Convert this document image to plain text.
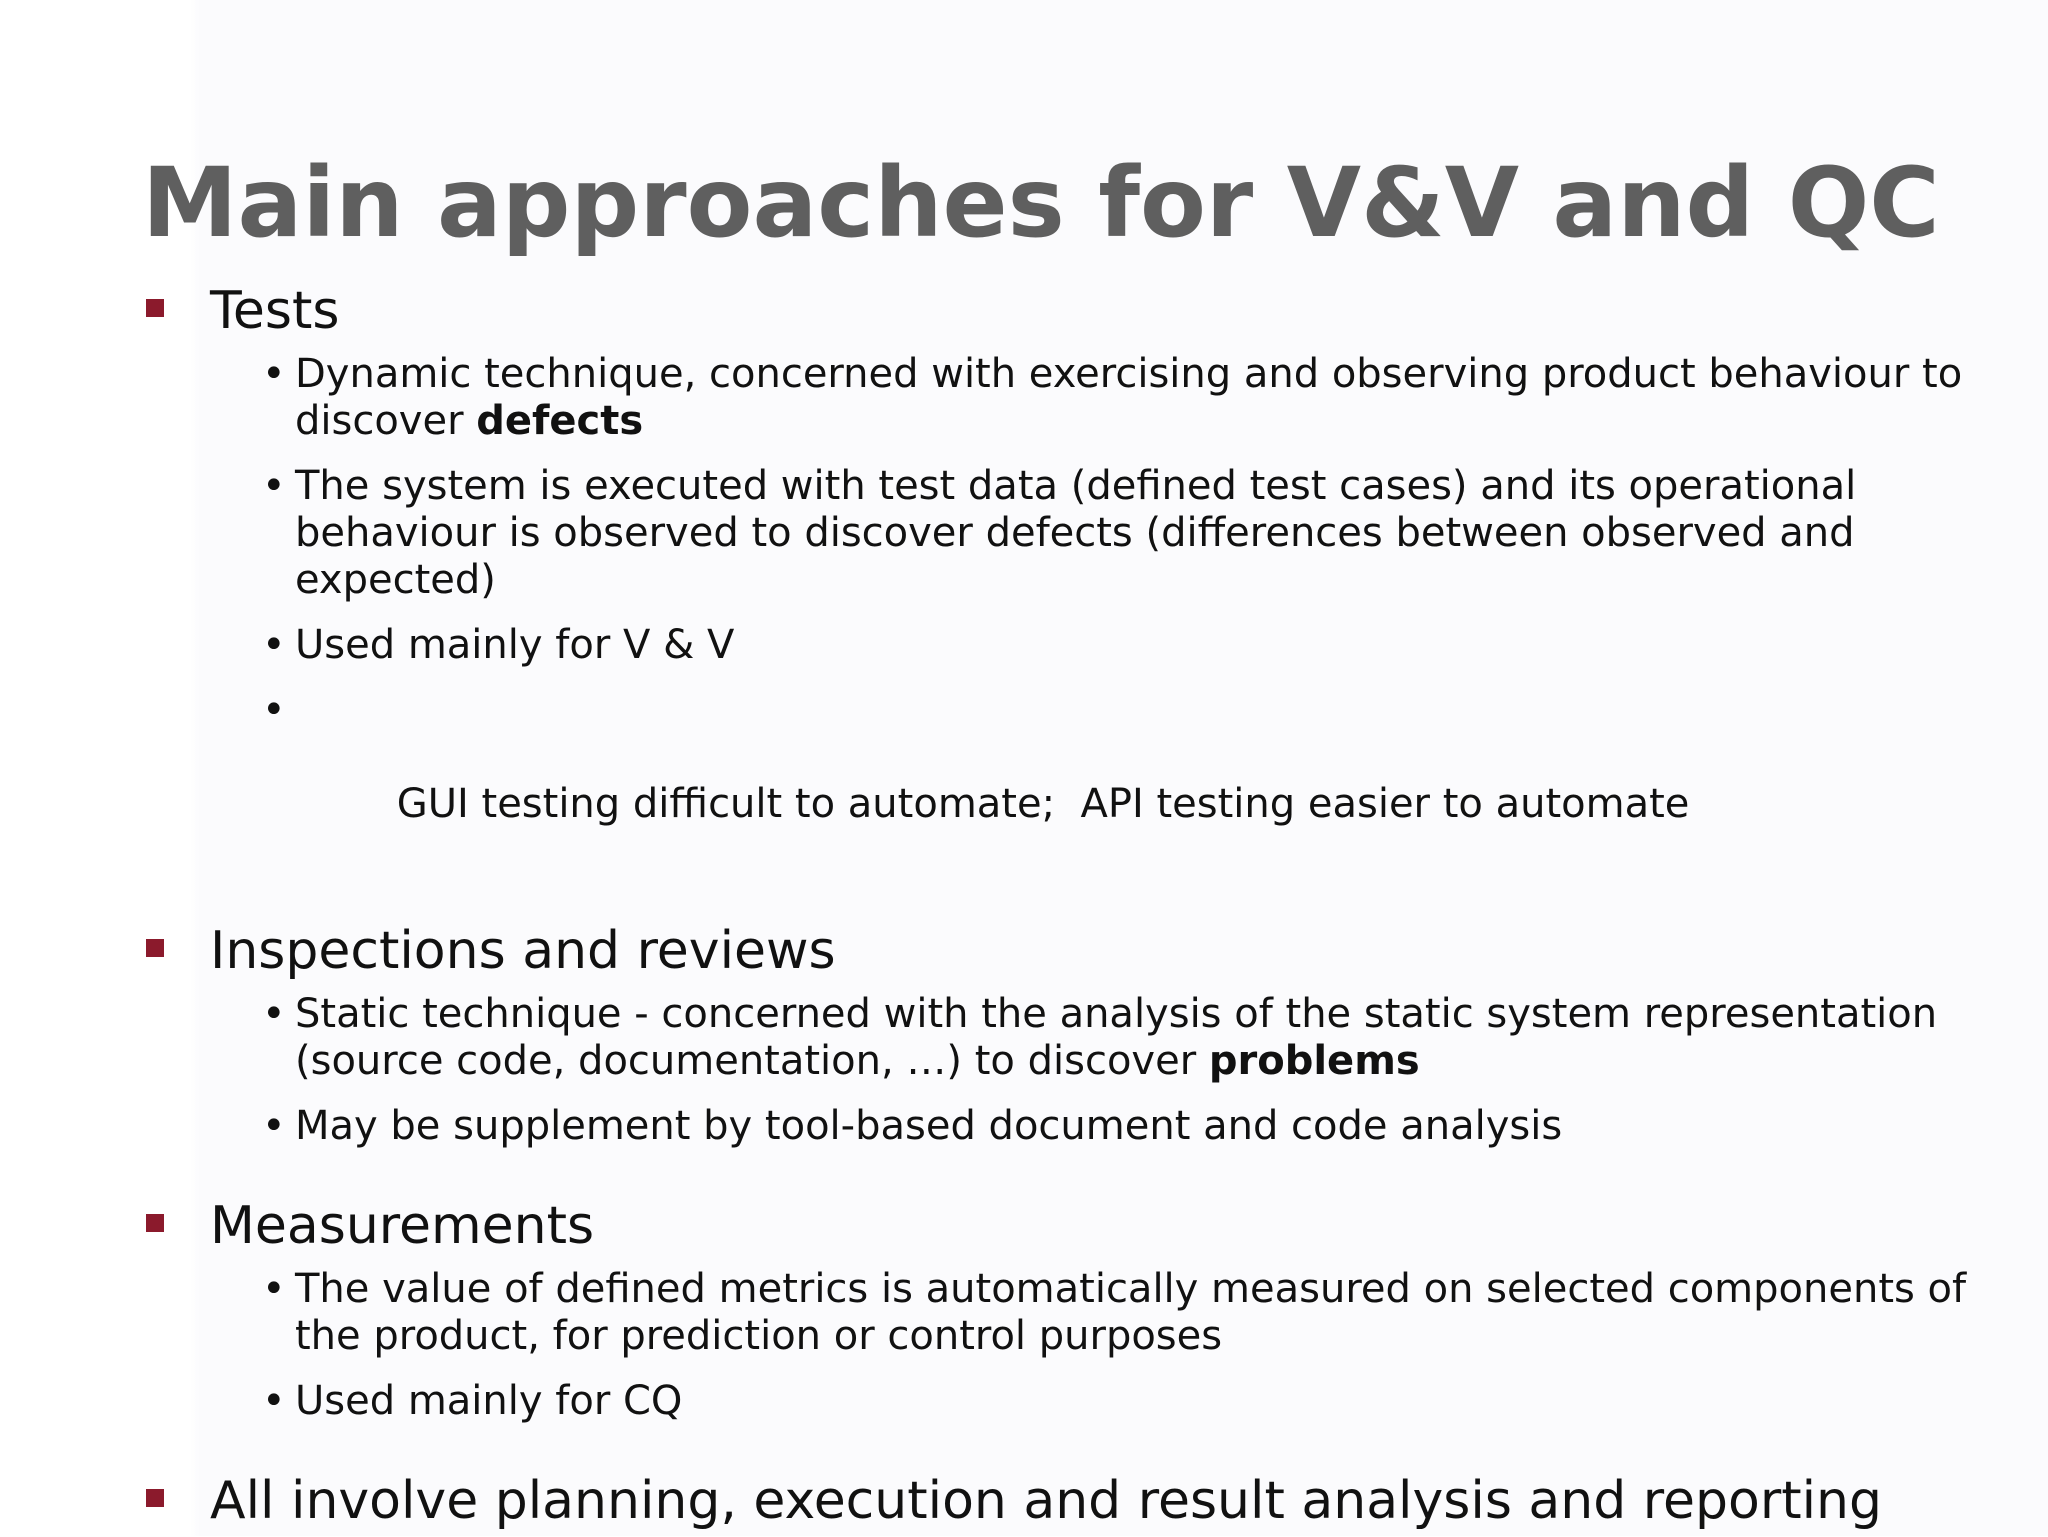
Main approaches for V&V and QC
Tests
• Dynamic technique, concerned with exercising and observing product behaviour to discover defects
• The system is executed with test data (defined test cases) and its operational behaviour is observed to discover defects (differences between observed and expected)
• Used mainly for V & V

•

GUI testing difficult to automate;  API testing easier to automate

Inspections and reviews
• Static technique - concerned with the analysis of the static system representation (source code, documentation, …) to discover problems
• May be supplement by tool-based document and code analysis
Measurements
• The value of defined metrics is automatically measured on selected components of the product, for prediction or control purposes
• Used mainly for CQ
All involve planning, execution and result analysis and reporting
